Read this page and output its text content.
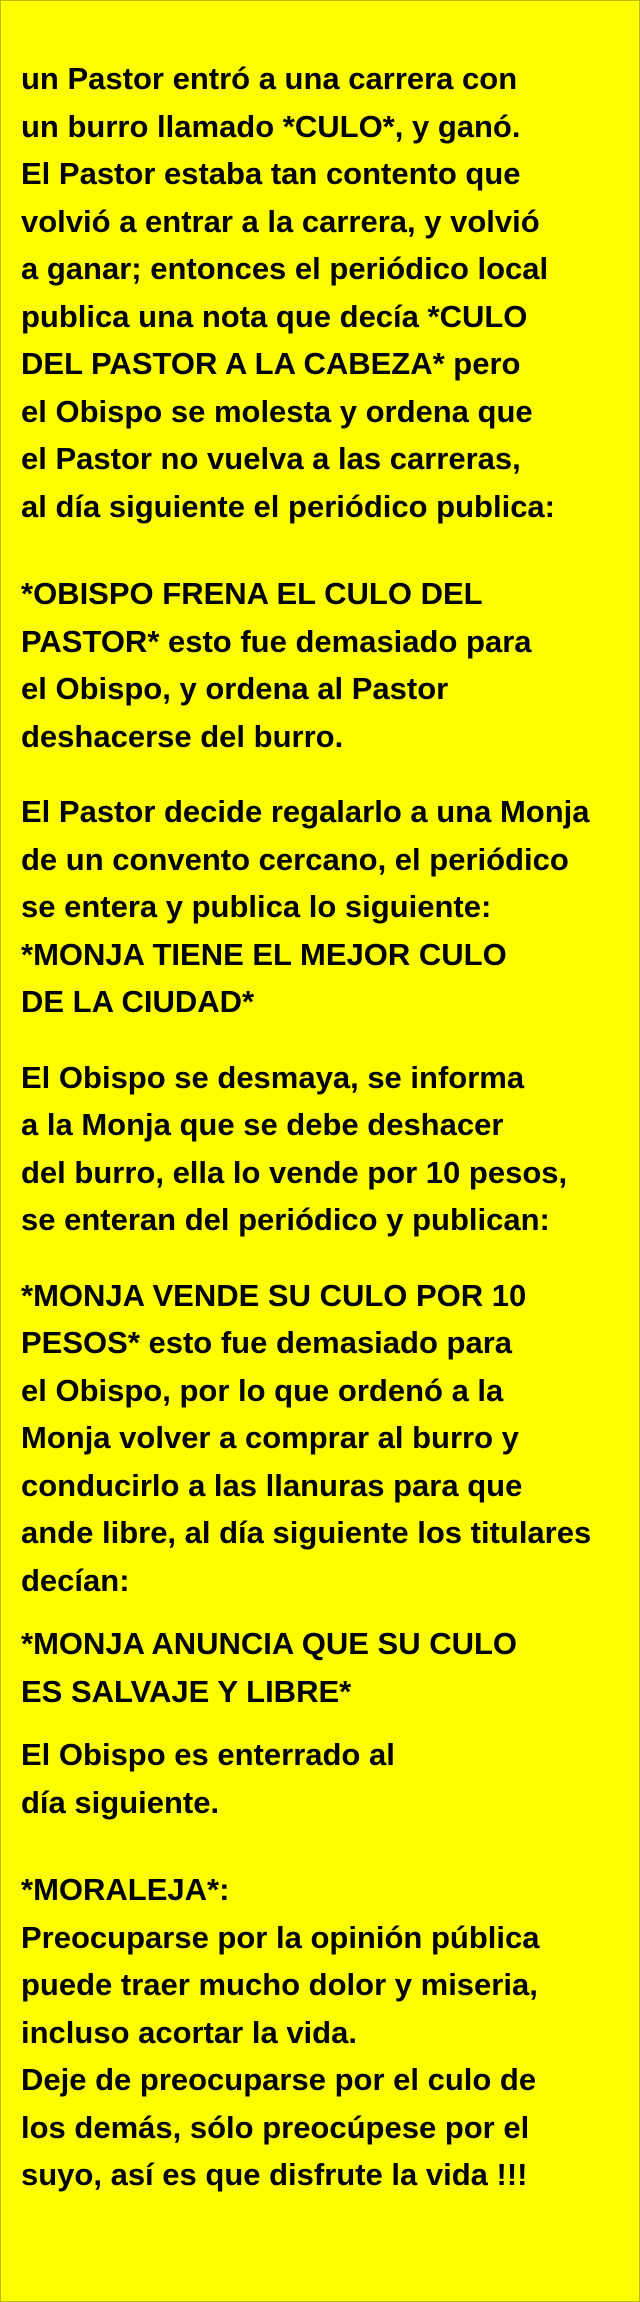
un Pastor entró a una carrera con
un burro llamado *CULO*, y ganó.
El Pastor estaba tan contento que
volvió a entrar a la carrera, y volvió
a ganar; entonces el periódico local
publica una nota que decía *CULO
DEL PASTOR A LA CABEZA* pero
el Obispo se molesta y ordena que
el Pastor no vuelva a las carreras,
al día siguiente el periódico publica:
*OBISPO FRENA EL CULO DEL
PASTOR* esto fue demasiado para
el Obispo, y ordena al Pastor
deshacerse del burro.
El Pastor decide regalarlo a una Monja
de un convento cercano, el periódico
se entera y publica lo siguiente:
*MONJA TIENE EL MEJOR CULO
DE LA CIUDAD*
El Obispo se desmaya, se informa
a la Monja que se debe deshacer
del burro, ella lo vende por 10 pesos,
se enteran del periódico y publican:
*MONJA VENDE SU CULO POR 10
PESOS* esto fue demasiado para
el Obispo, por lo que ordenó a la
Monja volver a comprar al burro y
conducirlo a las llanuras para que
ande libre, al día siguiente los titulares
decían:
*MONJA ANUNCIA QUE SU CULO
ES SALVAJE Y LIBRE*
El Obispo es enterrado al
día siguiente.
*MORALEJA*:
Preocuparse por la opinión pública
puede traer mucho dolor y miseria,
incluso acortar la vida.
Deje de preocuparse por el culo de
los demás, sólo preocúpese por el
suyo, así es que disfrute la vida !!!
